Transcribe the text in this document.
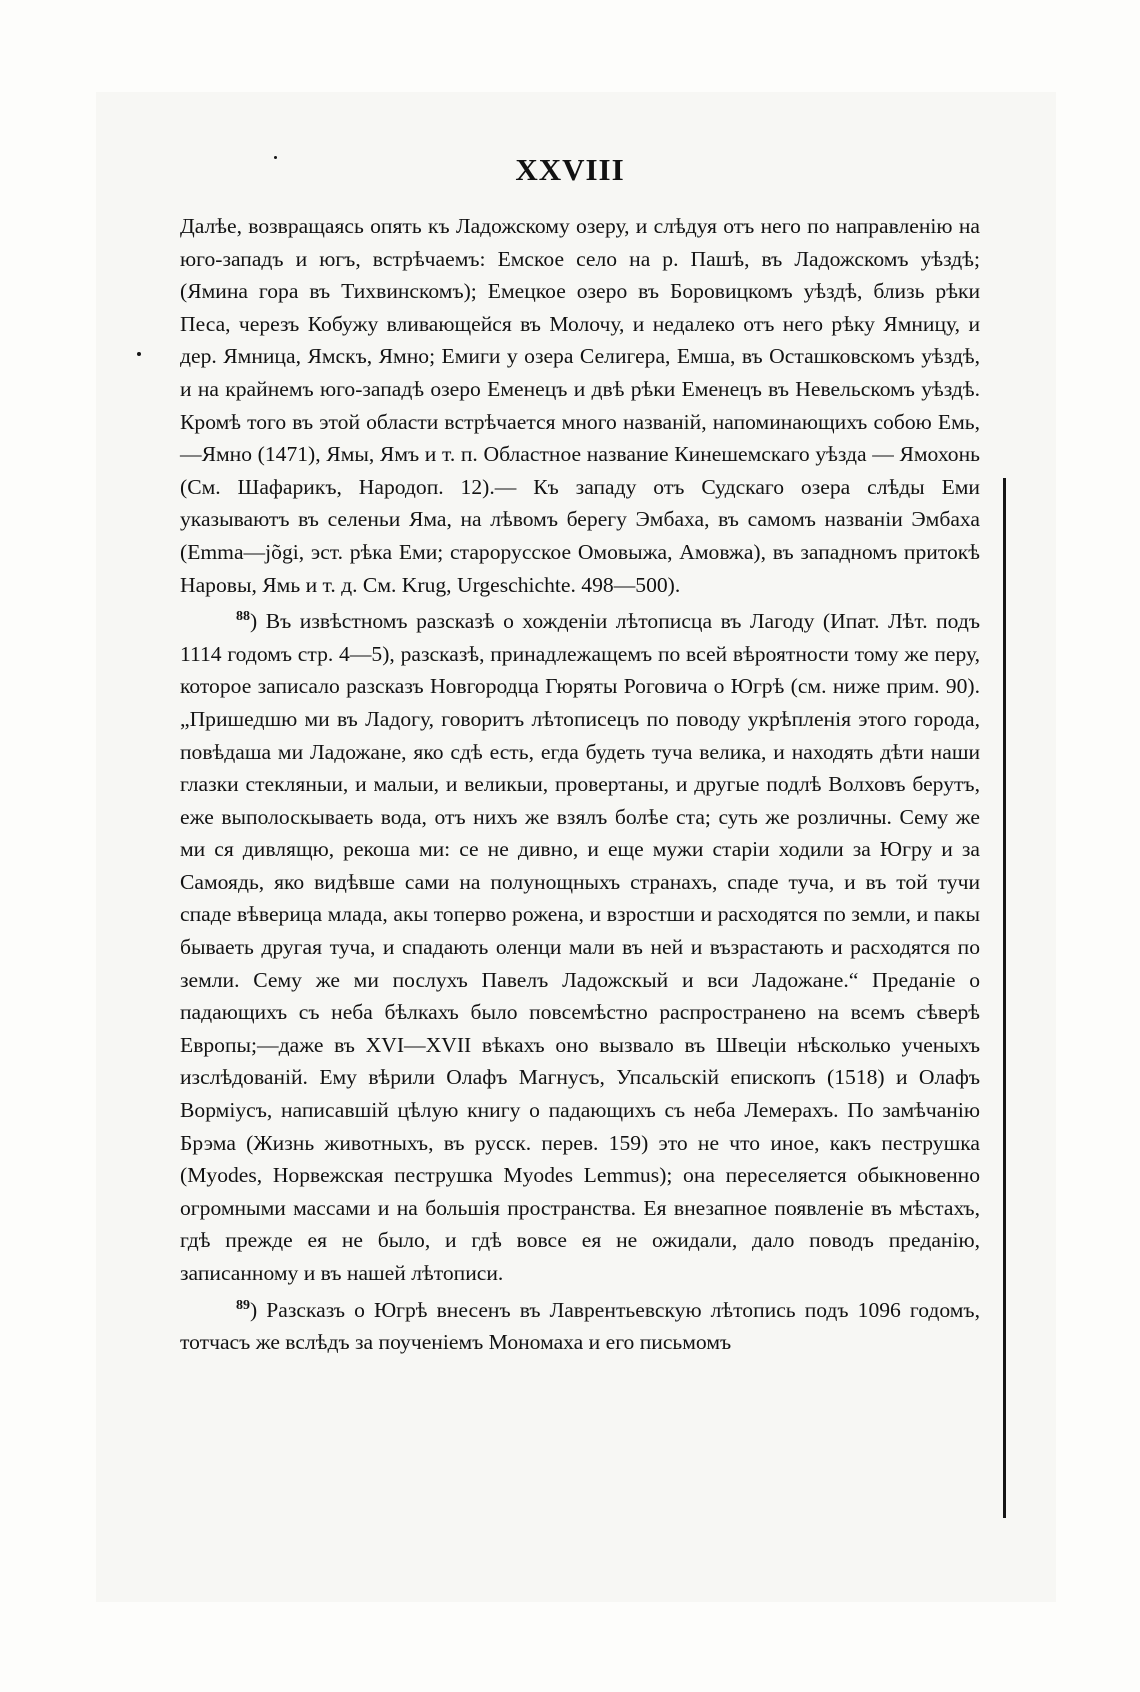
XXVIII

Далѣе, возвращаясь опять къ Ладожскому озеру, и слѣдуя отъ него по направленію на юго-западъ и югъ, встрѣчаемъ: Емское село на р. Пашѣ, въ Ладожскомъ уѣздѣ; (Ямина гора въ Тихвинскомъ); Емецкое озеро въ Боровицкомъ уѣздѣ, близь рѣки Песа, черезъ Кобужу вливающейся въ Молочу, и недалеко отъ него рѣку Ямницу, и дер. Ямница, Ямскъ, Ямно; Емиги у озера Селигера, Емша, въ Осташковскомъ уѣздѣ, и на крайнемъ юго-западѣ озеро Еменецъ и двѣ рѣки Еменецъ въ Невельскомъ уѣздѣ. Кромѣ того въ этой области встрѣчается много названій, напоминающихъ собою Емь,—Ямно (1471), Ямы, Ямъ и т. п. Областное название Кинешемскаго уѣзда — Ямохонь (См. Шафарикъ, Народоп. 12).— Къ западу отъ Судскаго озера слѣды Еми указываютъ въ селеньи Яма, на лѣвомъ берегу Эмбаха, въ самомъ названіи Эмбаха (Emma—jõgi, эст. рѣка Еми; старорусское Омовыжа, Амовжа), въ западномъ притокѣ Наровы, Ямь и т. д. См. Krug, Urgeschichte. 498—500).

$^{88}$) Въ извѣстномъ разсказѣ о хожденіи лѣтописца въ Лагоду (Ипат. Лѣт. подъ 1114 годомъ стр. 4—5), разсказѣ, принадлежащемъ по всей вѣроятности тому же перу, которое записало разсказъ Новгородца Гюряты Роговича о Югрѣ (см. ниже прим. 90). „Пришедшю ми въ Ладогу, говоритъ лѣтописецъ по поводу укрѣпленія этого города, повѣдаша ми Ладожане, яко сдѣ есть, егда будеть туча велика, и находять дѣти наши глазки стекляныи, и малыи, и великыи, провертаны, и другые подлѣ Волховъ берутъ, еже выполоскываеть вода, отъ нихъ же взялъ болѣе ста; суть же розличны. Сему же ми ся дивлящю, рекоша ми: се не дивно, и еще мужи старіи ходили за Югру и за Самоядь, яко видѣвше сами на полунощныхъ странахъ, спаде туча, и въ той тучи спаде вѣверица млада, акы топерво рожена, и взростши и расходятся по земли, и пакы бываеть другая туча, и спадають оленци мали въ ней и възрастають и расходятся по земли. Сему же ми послухъ Павелъ Ладожскый и вси Ладожане.“ Преданіе о падающихъ съ неба бѣлкахъ было повсемѣстно распространено на всемъ сѣверѣ Европы;—даже въ XVI—XVII вѣкахъ оно вызвало въ Швеціи нѣсколько ученыхъ изслѣдованій. Ему вѣрили Олафъ Магнусъ, Упсальскій епископъ (1518) и Олафъ Ворміусъ, написавшій цѣлую книгу о падающихъ съ неба Лемерахъ. По замѣчанію Брэма (Жизнь животныхъ, въ русск. перев. 159) это не что иное, какъ пеструшка (Myodes, Норвежская пеструшка Myodes Lemmus); она переселяется обыкновенно огромными массами и на большія пространства. Ея внезапное появленіе въ мѣстахъ, гдѣ прежде ея не было, и гдѣ вовсе ея не ожидали, дало поводъ преданію, записанному и въ нашей лѣтописи.

$^{89}$) Разсказъ о Югрѣ внесенъ въ Лаврентьевскую лѣтопись подъ 1096 годомъ, тотчасъ же вслѣдъ за поученіемъ Мономаха и его письмомъ
